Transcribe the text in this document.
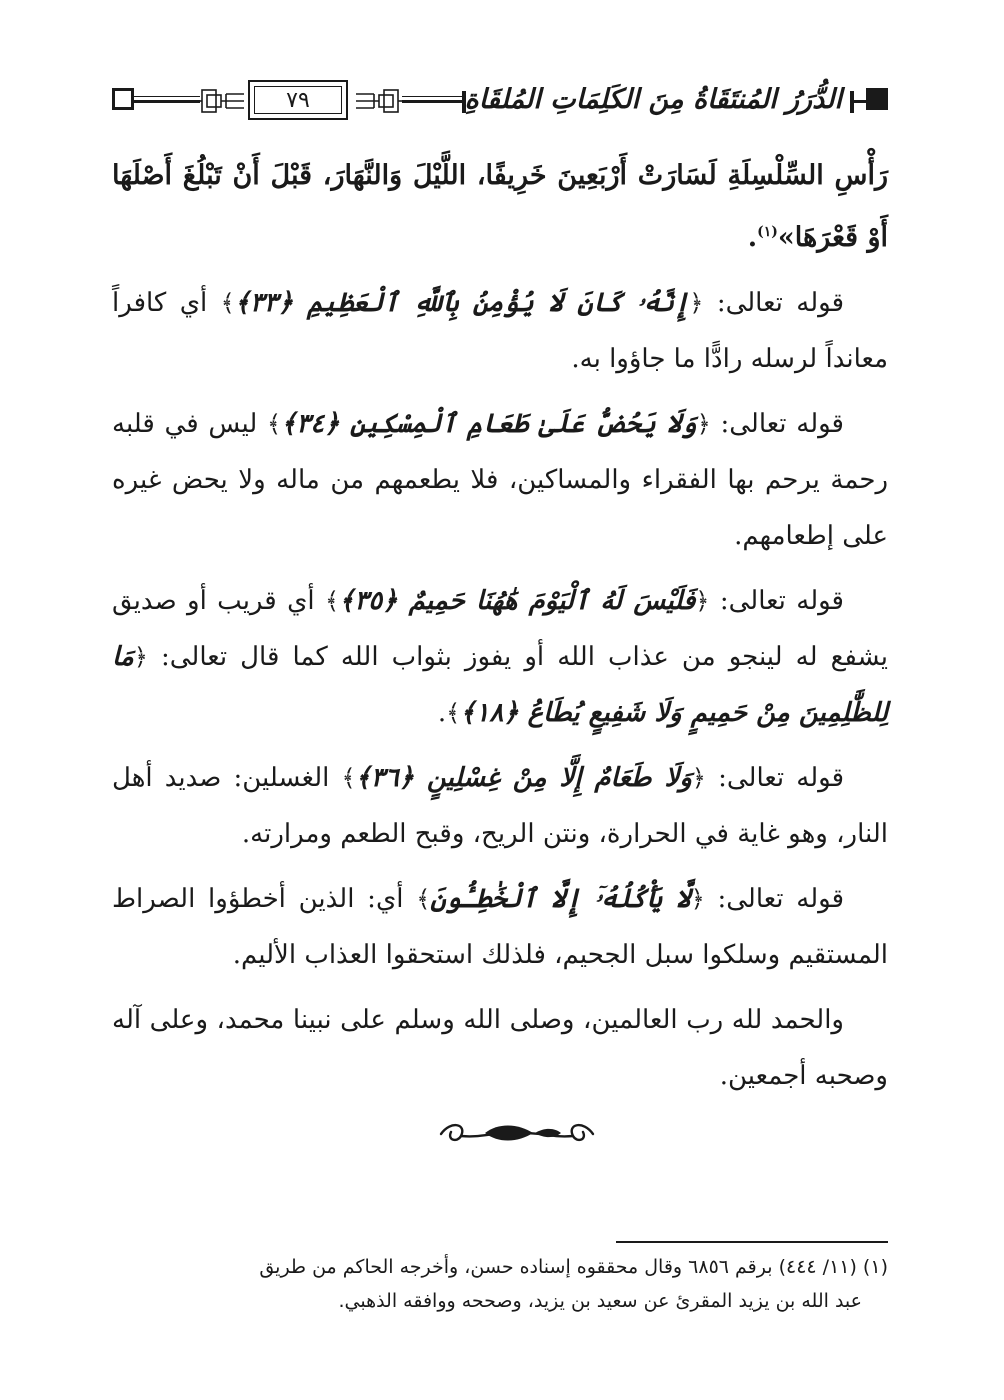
٧٩	الدُّرَرُ المُنتَقَاةُ مِنَ الكَلِمَاتِ المُلقَاةِ

رَأْسِ السِّلْسِلَةِ لَسَارَتْ أَرْبَعِينَ خَرِيفًا، اللَّيْلَ وَالنَّهَارَ، قَبْلَ أَنْ تَبْلُغَ أَصْلَهَا أَوْ قَعْرَهَا»$^{(١)}$.

قوله تعالى: ﴿إِنَّهُۥ كَانَ لَا يُؤْمِنُ بِٱللَّهِ ٱلْعَظِيمِ ﴿٣٣﴾﴾ أي كافراً معانداً لرسله رادًّا ما جاؤوا به.

قوله تعالى: ﴿وَلَا يَحُضُّ عَلَىٰ طَعَامِ ٱلْمِسْكِينِ ﴿٣٤﴾﴾ ليس في قلبه رحمة يرحم بها الفقراء والمساكين، فلا يطعمهم من ماله ولا يحض غيره على إطعامهم.

قوله تعالى: ﴿فَلَيْسَ لَهُ ٱلْيَوْمَ هَٰهُنَا حَمِيمٌ ﴿٣٥﴾﴾ أي قريب أو صديق يشفع له لينجو من عذاب الله أو يفوز بثواب الله كما قال تعالى: ﴿مَا لِلظَّٰلِمِينَ مِنْ حَمِيمٍ وَلَا شَفِيعٍ يُطَاعُ ﴿١٨﴾﴾.

قوله تعالى: ﴿وَلَا طَعَامٌ إِلَّا مِنْ غِسْلِينٍ ﴿٣٦﴾﴾ الغسلين: صديد أهل النار، وهو غاية في الحرارة، ونتن الريح، وقبح الطعم ومرارته.

قوله تعالى: ﴿لَّا يَأْكُلُهُۥٓ إِلَّا ٱلْخَٰطِـُٔونَ﴾ أي: الذين أخطؤوا الصراط المستقيم وسلكوا سبل الجحيم، فلذلك استحقوا العذاب الأليم.

والحمد لله رب العالمين، وصلى الله وسلم على نبينا محمد، وعلى آله وصحبه أجمعين.

(١) (١١/ ٤٤٤) برقم ٦٨٥٦ وقال محققوه إسناده حسن، وأخرجه الحاكم من طريق
عبد الله بن يزيد المقرئ عن سعيد بن يزيد، وصححه ووافقه الذهبي.
